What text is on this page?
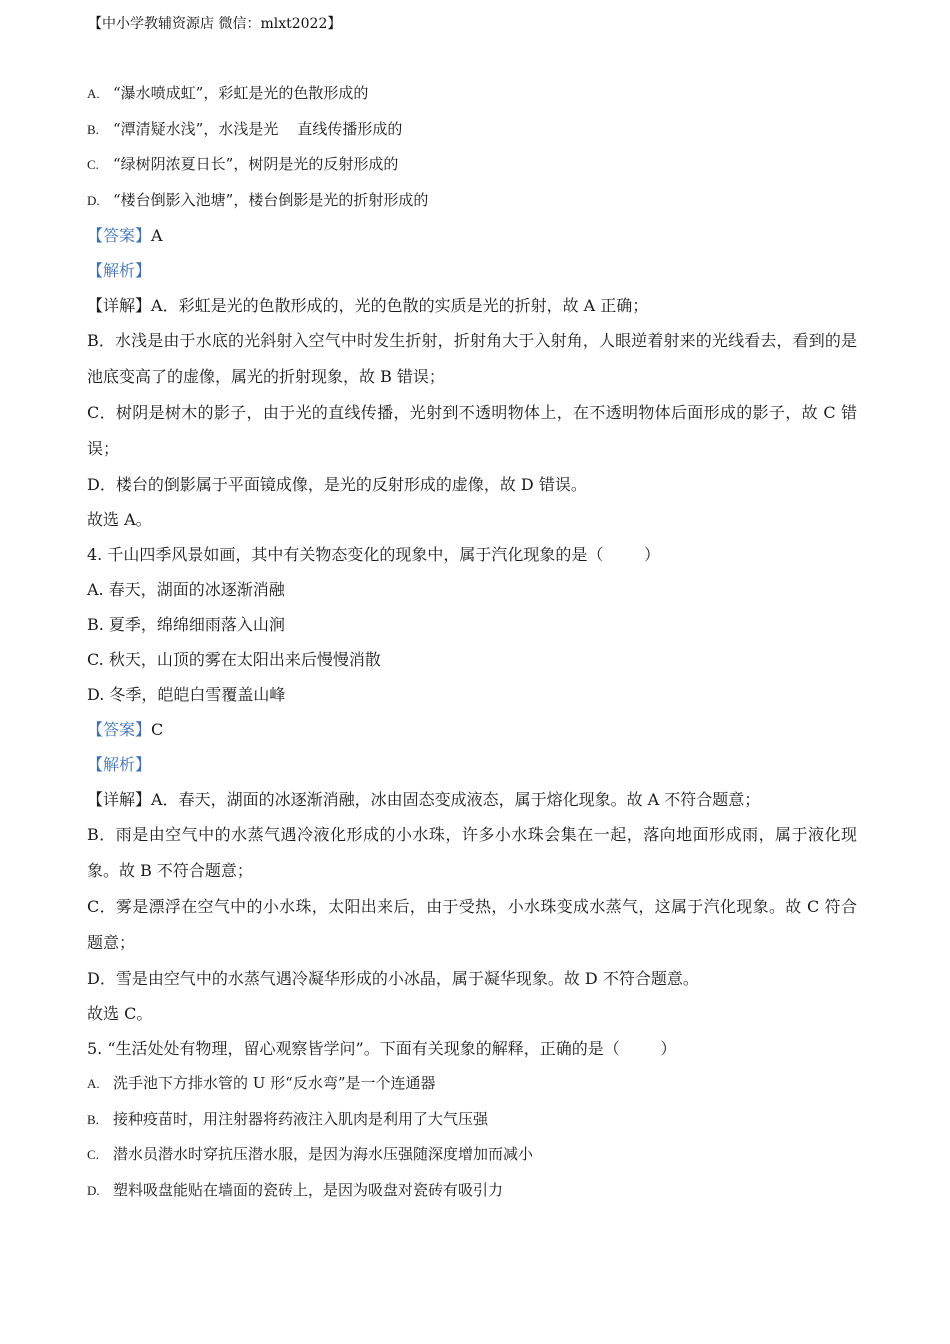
【中小学教辅资源店 微信：mlxt2022】
A. “瀑水喷成虹”，彩虹是光的色散形成的
B. “潭清疑水浅”，水浅是光    直线传播形成的
C. “绿树阴浓夏日长”，树阴是光的反射形成的
D. “楼台倒影入池塘”，楼台倒影是光的折射形成的
【答案】A
【解析】
【详解】A．彩虹是光的色散形成的，光的色散的实质是光的折射，故 A 正确；
B．水浅是由于水底的光斜射入空气中时发生折射，折射角大于入射角，人眼逆着射来的光线看去，看到的是池底变高了的虚像，属光的折射现象，故 B 错误；
C．树阴是树木的影子，由于光的直线传播，光射到不透明物体上，在不透明物体后面形成的影子，故 C 错误；
D．楼台的倒影属于平面镜成像，是光的反射形成的虚像，故 D 错误。
故选 A。
4. 千山四季风景如画，其中有关物态变化的现象中，属于汽化现象的是（        ）
A. 春天，湖面的冰逐渐消融
B. 夏季，绵绵细雨落入山涧
C. 秋天，山顶的雾在太阳出来后慢慢消散
D. 冬季，皑皑白雪覆盖山峰
【答案】C
【解析】
【详解】A．春天，湖面的冰逐渐消融，冰由固态变成液态，属于熔化现象。故 A 不符合题意；
B．雨是由空气中的水蒸气遇冷液化形成的小水珠，许多小水珠会集在一起，落向地面形成雨，属于液化现象。故 B 不符合题意；
C．雾是漂浮在空气中的小水珠，太阳出来后，由于受热，小水珠变成水蒸气，这属于汽化现象。故 C 符合题意；
D．雪是由空气中的水蒸气遇冷凝华形成的小冰晶，属于凝华现象。故 D 不符合题意。
故选 C。
5. “生活处处有物理，留心观察皆学问”。下面有关现象的解释，正确的是（        ）
A. 洗手池下方排水管的 U 形“反水弯”是一个连通器
B. 接种疫苗时，用注射器将药液注入肌肉是利用了大气压强
C. 潜水员潜水时穿抗压潜水服，是因为海水压强随深度增加而减小
D. 塑料吸盘能贴在墙面的瓷砖上，是因为吸盘对瓷砖有吸引力
